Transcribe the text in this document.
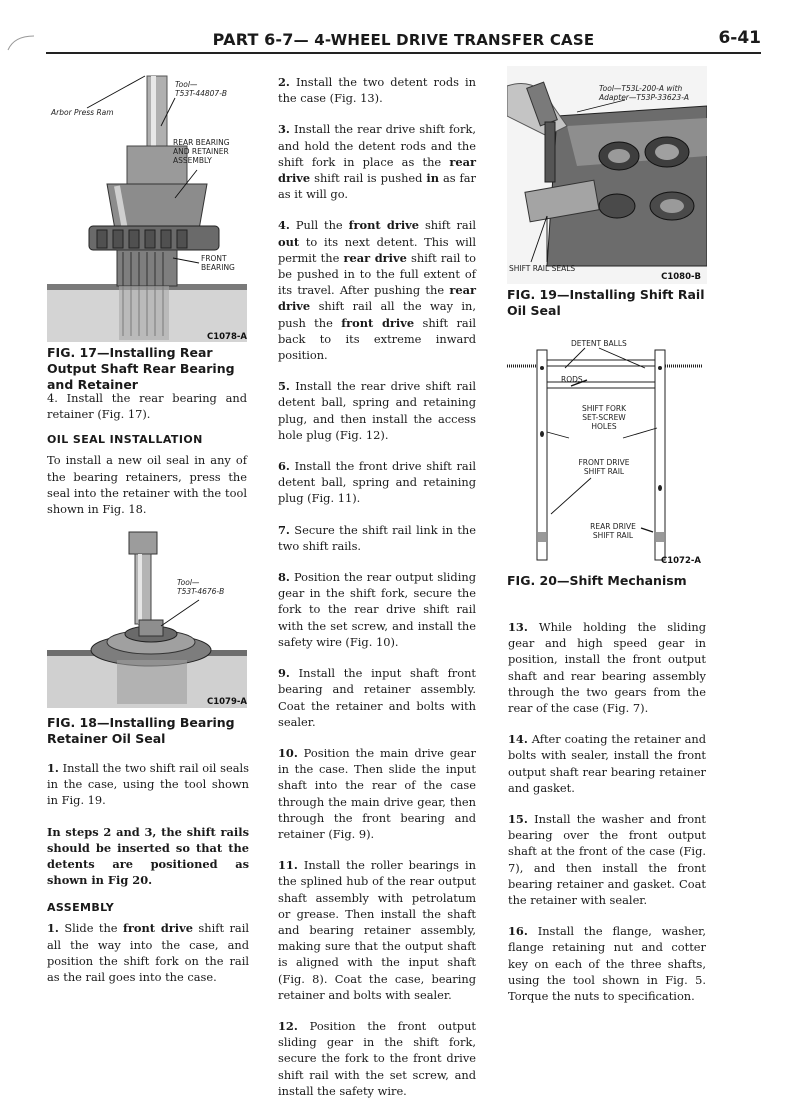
PART 6-7— 4-WHEEL DRIVE TRANSFER CASE	6-41
Tool—
T53T-44807-B
Arbor Press Ram
REAR BEARING
AND RETAINER
ASSEMBLY
FRONT
BEARING
C1078-A

FIG. 17—Installing Rear Output Shaft Rear Bearing and Retainer

4. Install the rear bearing and retainer (Fig. 17).

OIL SEAL INSTALLATION

To install a new oil seal in any of the bearing retainers, press the seal into the retainer with the tool shown in Fig. 18.

Tool—
T53T-4676-B
C1079-A

FIG. 18—Installing Bearing Retainer Oil Seal

1. Install the two shift rail oil seals in the case, using the tool shown in Fig. 19.

In steps 2 and 3, the shift rails should be inserted so that the detents are positioned as shown in Fig 20.

ASSEMBLY

1. Slide the front drive shift rail all the way into the case, and position the shift fork on the rail as the rail goes into the case.

2. Install the two detent rods in the case (Fig. 13).

3. Install the rear drive shift fork, and hold the detent rods and the shift fork in place as the rear drive shift rail is pushed in as far as it will go.

4. Pull the front drive shift rail out to its next detent. This will permit the rear drive shift rail to be pushed in to the full extent of its travel. After pushing the rear drive shift rail all the way in, push the front drive shift rail back to its extreme inward position.

5. Install the rear drive shift rail detent ball, spring and retaining plug, and then install the access hole plug (Fig. 12).

6. Install the front drive shift rail detent ball, spring and retaining plug (Fig. 11).

7. Secure the shift rail link in the two shift rails.

8. Position the rear output sliding gear in the shift fork, secure the fork to the rear drive shift rail with the set screw, and install the safety wire (Fig. 10).

9. Install the input shaft front bearing and retainer assembly. Coat the retainer and bolts with sealer.

10. Position the main drive gear in the case. Then slide the input shaft into the rear of the case through the main drive gear, then through the front bearing and retainer (Fig. 9).

11. Install the roller bearings in the splined hub of the rear output shaft assembly with petrolatum or grease. Then install the shaft and bearing retainer assembly, making sure that the output shaft is aligned with the input shaft (Fig. 8). Coat the case, bearing retainer and bolts with sealer.

12. Position the front output sliding gear in the shift fork, secure the fork to the front drive shift rail with the set screw, and install the safety wire.

Tool—T53L-200-A with
Adapter—T53P-33623-A
SHIFT RAIL SEALS
C1080-B

FIG. 19—Installing Shift Rail Oil Seal

DETENT BALLS
RODS
SHIFT FORK
SET-SCREW
HOLES
FRONT DRIVE
SHIFT RAIL
REAR DRIVE
SHIFT RAIL
C1072-A

FIG. 20—Shift Mechanism

13. While holding the sliding gear and high speed gear in position, install the front output shaft and rear bearing assembly through the two gears from the rear of the case (Fig. 7).

14. After coating the retainer and bolts with sealer, install the front output shaft rear bearing retainer and gasket.

15. Install the washer and front bearing over the front output shaft at the front of the case (Fig. 7), and then install the front bearing retainer and gasket. Coat the retainer with sealer.

16. Install the flange, washer, flange retaining nut and cotter key on each of the three shafts, using the tool shown in Fig. 5. Torque the nuts to specification.
